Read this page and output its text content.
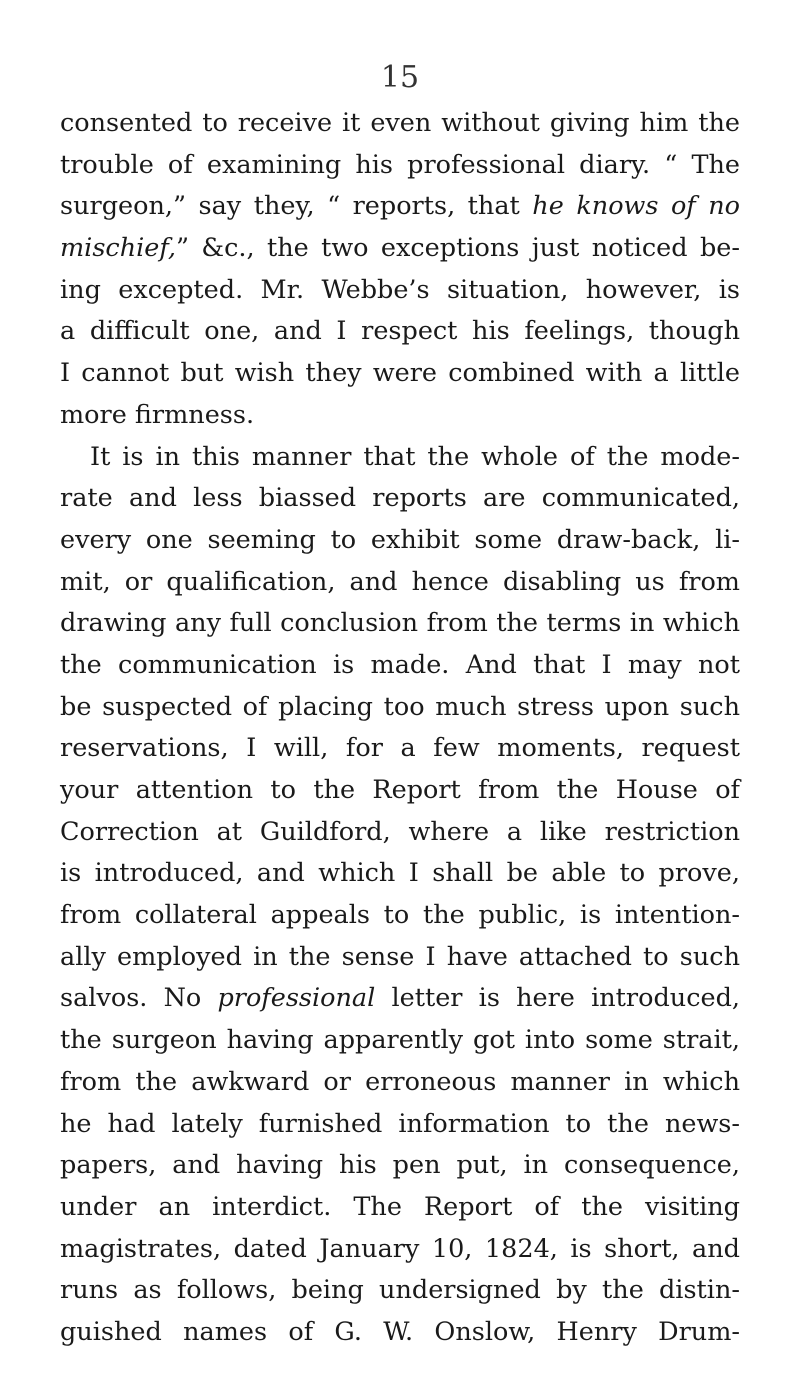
15
consented to receive it even without giving him the
trouble of examining his professional diary. “ The
surgeon,” say they, “ reports, that he knows of no
mischief,” &c., the two exceptions just noticed be-
ing excepted. Mr. Webbe’s situation, however, is
a difficult one, and I respect his feelings, though
I cannot but wish they were combined with a little
more firmness.
It is in this manner that the whole of the mode-
rate and less biassed reports are communicated,
every one seeming to exhibit some draw-back, li-
mit, or qualification, and hence disabling us from
drawing any full conclusion from the terms in which
the communication is made. And that I may not
be suspected of placing too much stress upon such
reservations, I will, for a few moments, request
your attention to the Report from the House of
Correction at Guildford, where a like restriction
is introduced, and which I shall be able to prove,
from collateral appeals to the public, is intention-
ally employed in the sense I have attached to such
salvos. No professional letter is here introduced,
the surgeon having apparently got into some strait,
from the awkward or erroneous manner in which
he had lately furnished information to the news-
papers, and having his pen put, in consequence,
under an interdict. The Report of the visiting
magistrates, dated January 10, 1824, is short, and
runs as follows, being undersigned by the distin-
guished names of G. W. Onslow, Henry Drum-
